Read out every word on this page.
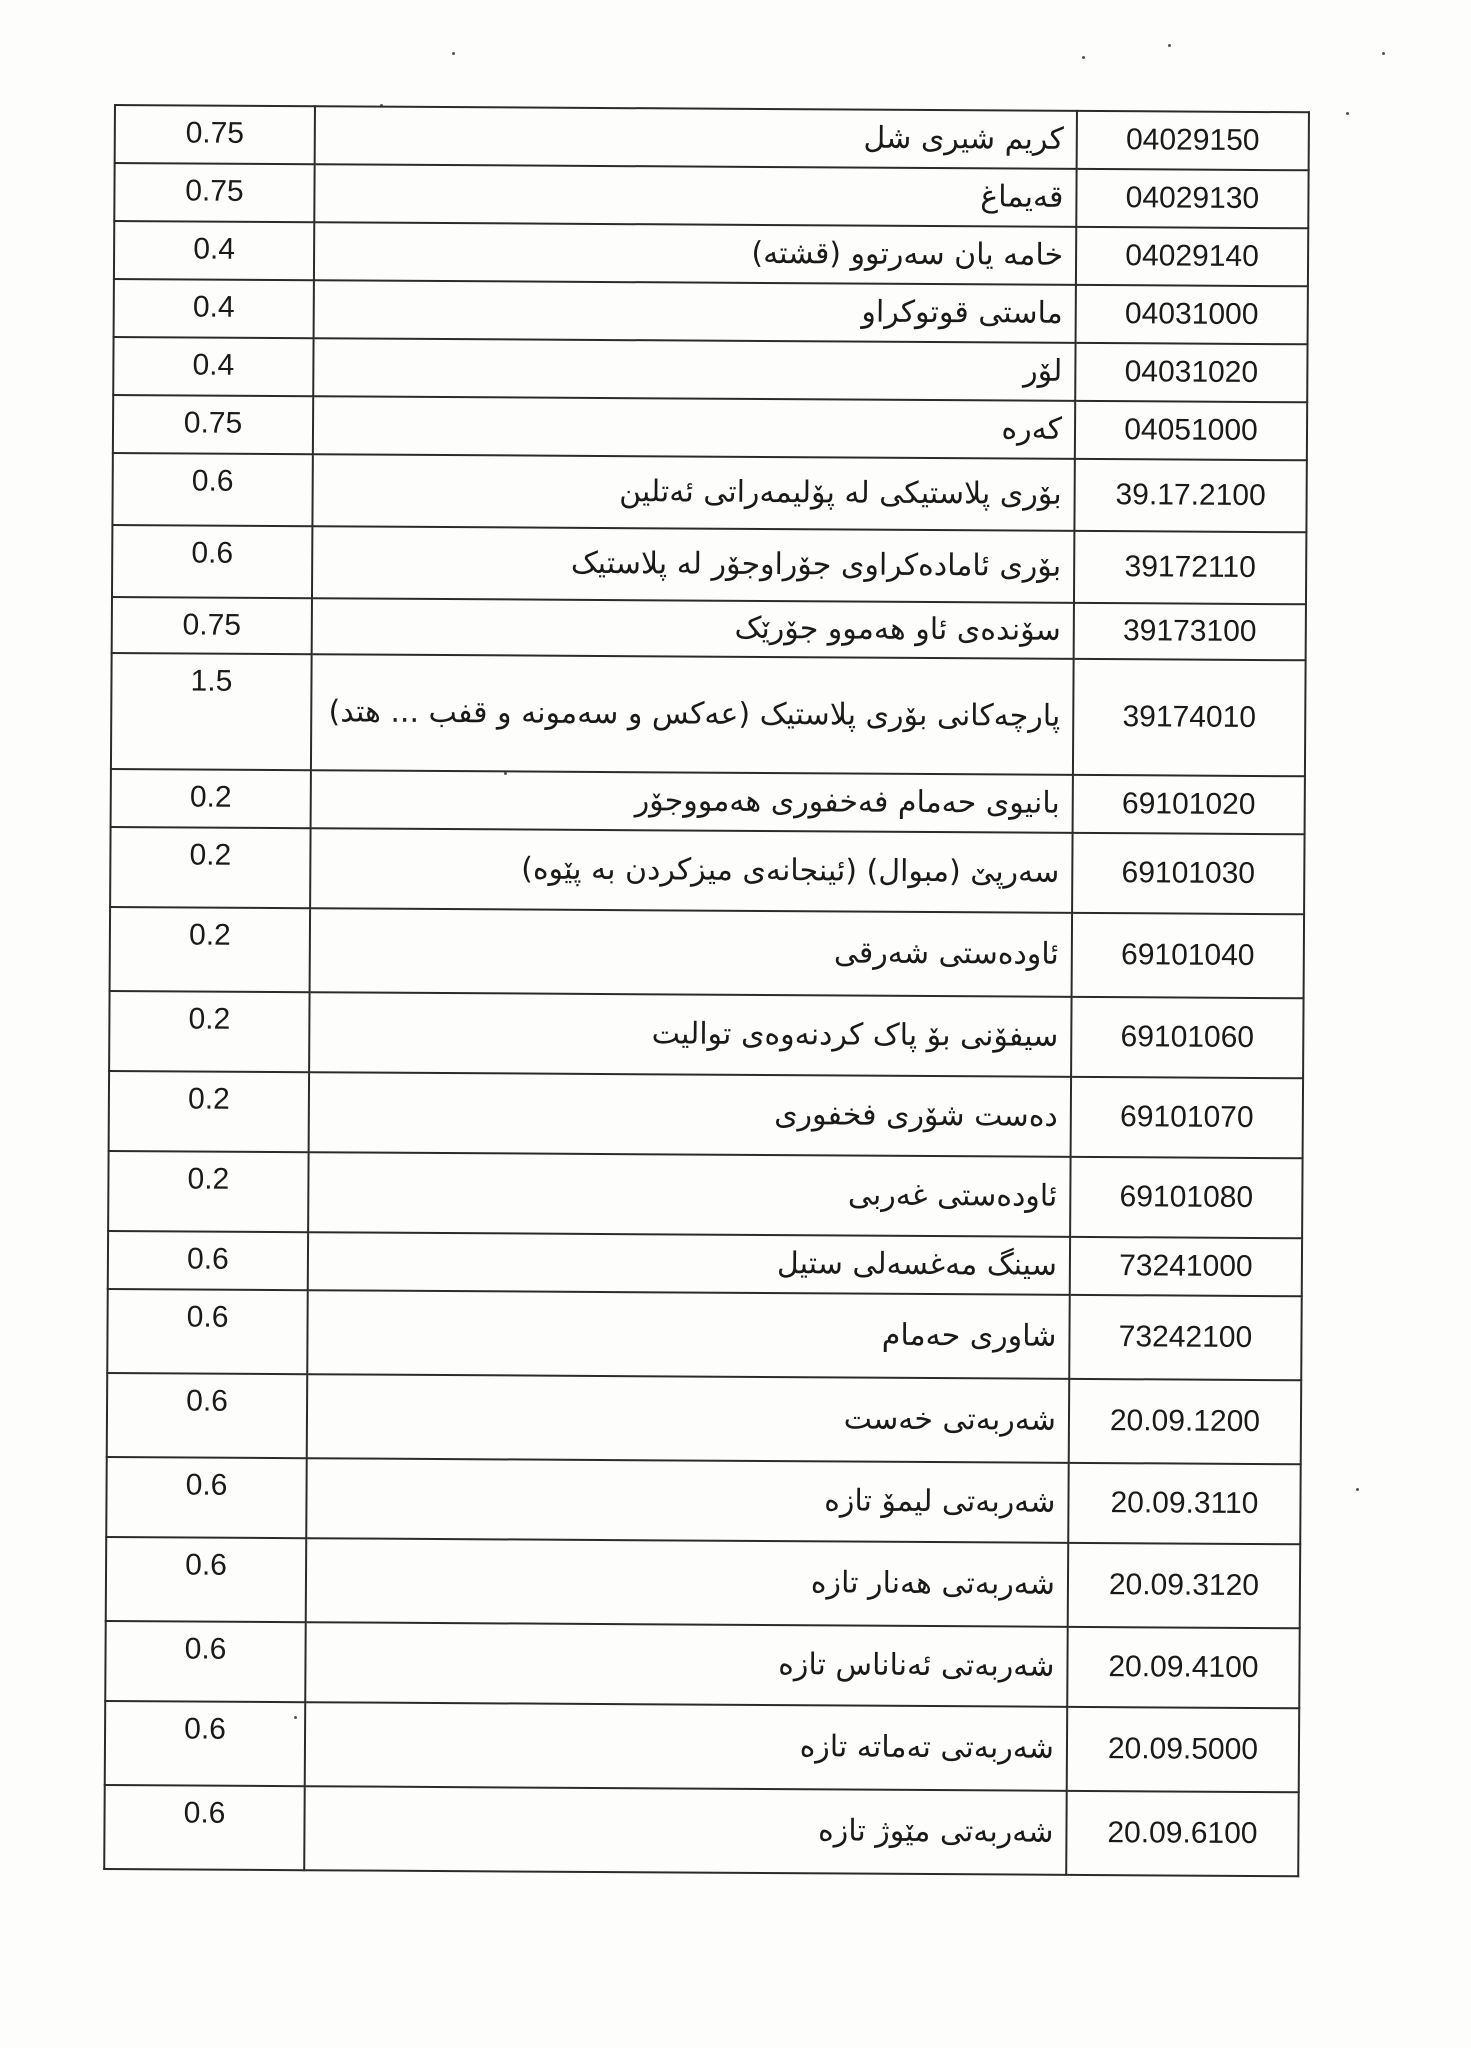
0.75	کریم شیری شل	04029150
0.75	قەیماغ	04029130
0.4	خامە یان سەرتوو (قشتە)	04029140
0.4	ماستی قوتوکراو	04031000
0.4	لۆر	04031020
0.75	کەرە	04051000
0.6	بۆری پلاستیکی لە پۆلیمەراتی ئەتلین	39.17.2100
0.6	بۆری ئامادەکراوی جۆراوجۆر لە پلاستیک	39172110
0.75	سۆندەی ئاو هەموو جۆرێک	39173100
1.5	پارچەکانی بۆری پلاستیک (عەکس و سەمونە و قفب ... هتد)	39174010
0.2	بانیوی حەمام فەخفوری هەمووجۆر	69101020
0.2	سەرپێ (مبوال) (ئینجانەی میزکردن بە پێوە)	69101030
0.2	ئاودەستی شەرقی	69101040
0.2	سیفۆنی بۆ پاک کردنەوەی توالیت	69101060
0.2	دەست شۆری فخفوری	69101070
0.2	ئاودەستی غەربی	69101080
0.6	سینگ مەغسەلی ستیل	73241000
0.6	شاوری حەمام	73242100
0.6	شەربەتی خەست	20.09.1200
0.6	شەربەتی لیمۆ تازە	20.09.3110
0.6	شەربەتی هەنار تازە	20.09.3120
0.6	شەربەتی ئەناناس تازە	20.09.4100
0.6	شەربەتی تەماتە تازە	20.09.5000
0.6	شەربەتی مێوژ تازە	20.09.6100
